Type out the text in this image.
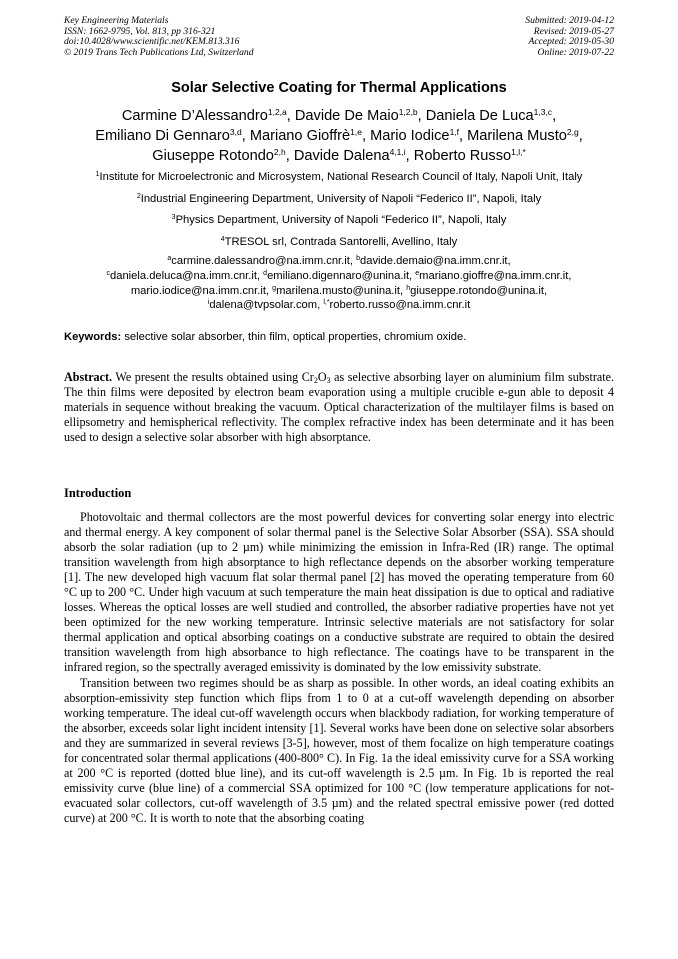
Key Engineering Materials
ISSN: 1662-9795, Vol. 813, pp 316-321
doi:10.4028/www.scientific.net/KEM.813.316
© 2019 Trans Tech Publications Ltd, Switzerland
Submitted: 2019-04-12
Revised: 2019-05-27
Accepted: 2019-05-30
Online: 2019-07-22
Solar Selective Coating for Thermal Applications
Carmine D’Alessandro$^{1,2,a}$, Davide De Maio$^{1,2,b}$, Daniela De Luca$^{1,3,c}$,
Emiliano Di Gennaro$^{3,d}$, Mariano Gioffrè$^{1,e}$, Mario Iodice$^{1,f}$, Marilena Musto$^{2,g}$,
Giuseppe Rotondo$^{2,h}$, Davide Dalena$^{4,1,i}$, Roberto Russo$^{1,l,*}$
$^1$Institute for Microelectronic and Microsystem, National Research Council of Italy, Napoli Unit, Italy
$^2$Industrial Engineering Department, University of Napoli “Federico II”, Napoli, Italy
$^3$Physics Department, University of Napoli “Federico II”, Napoli, Italy
$^4$TRESOL srl, Contrada Santorelli, Avellino, Italy
$^a$carmine.dalessandro@na.imm.cnr.it, $^b$davide.demaio@na.imm.cnr.it,
$^c$daniela.deluca@na.imm.cnr.it, $^d$emiliano.digennaro@unina.it, $^e$mariano.gioffre@na.imm.cnr.it,
mario.iodice@na.imm.cnr.it, $^g$marilena.musto@unina.it, $^h$giuseppe.rotondo@unina.it,
$^i$dalena@tvpsolar.com, $^{l,*}$roberto.russo@na.imm.cnr.it
Keywords: selective solar absorber, thin film, optical properties, chromium oxide.
Abstract. We present the results obtained using $Cr_2O_3$ as selective absorbing layer on aluminium film substrate. The thin films were deposited by electron beam evaporation using a multiple crucible e-gun able to deposit 4 materials in sequence without breaking the vacuum. Optical characterization of the multilayer films is based on ellipsometry and hemispherical reflectivity. The complex refractive index has been determinate and it has been used to design a selective solar absorber with high absorptance.
Introduction

Photovoltaic and thermal collectors are the most powerful devices for converting solar energy into electric and thermal energy. A key component of solar thermal panel is the Selective Solar Absorber (SSA). SSA should absorb the solar radiation (up to 2 µm) while minimizing the emission in Infra-Red (IR) range. The optimal transition wavelength from high absorptance to high reflectance depends on the absorber working temperature [1]. The new developed high vacuum flat solar thermal panel [2] has moved the operating temperature from 60 °C up to 200 °C. Under high vacuum at such temperature the main heat dissipation is due to optical and radiative losses. Whereas the optical losses are well studied and controlled, the absorber radiative properties have not yet been optimized for the new working temperature. Intrinsic selective materials are not satisfactory for solar thermal application and optical absorbing coatings on a conductive substrate are required to obtain the desired transition wavelength from high absorbance to high reflectance. The coatings have to be transparent in the infrared region, so the spectrally averaged emissivity is dominated by the low emissivity substrate.

Transition between two regimes should be as sharp as possible. In other words, an ideal coating exhibits an absorption-emissivity step function which flips from 1 to 0 at a cut-off wavelength depending on absorber working temperature. The ideal cut-off wavelength occurs when blackbody radiation, for working temperature of the absorber, exceeds solar light incident intensity [1]. Several works have been done on selective solar absorbers and they are summarized in several reviews [3-5], however, most of them focalize on high temperature coatings for concentrated solar thermal applications (400-800° C). In Fig. 1a the ideal emissivity curve for a SSA working at 200 °C is reported (dotted blue line), and its cut-off wavelength is 2.5 µm. In Fig. 1b is reported the real emissivity curve (blue line) of a commercial SSA optimized for 100 °C (low temperature applications for not-evacuated solar collectors, cut-off wavelength of 3.5 µm) and the related spectral emissive power (red dotted curve) at 200 °C. It is worth to note that the absorbing coating
